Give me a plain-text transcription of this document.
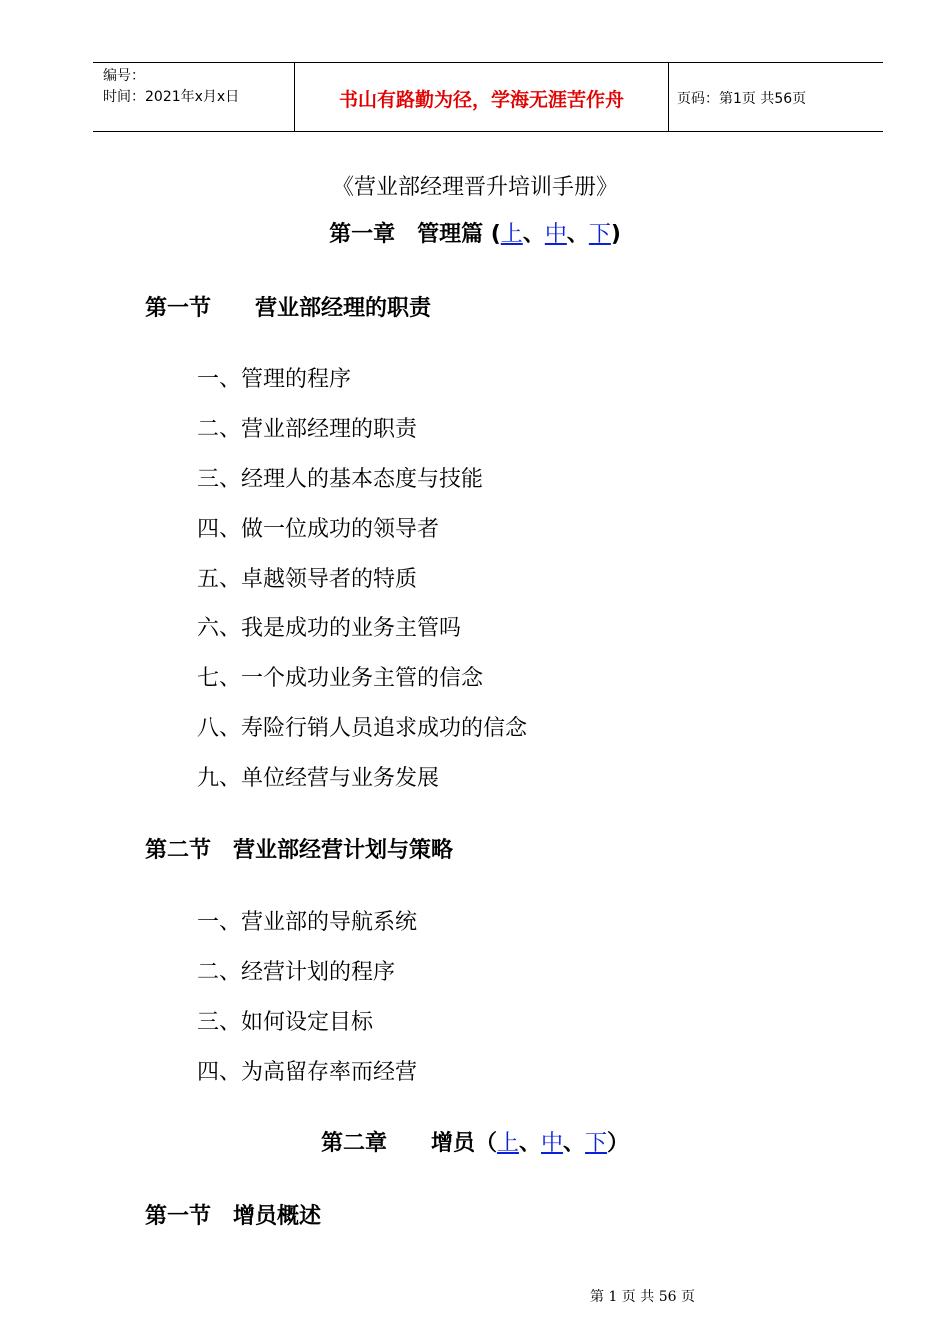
编号：
时间：2021年x月x日	书山有路勤为径，学海无涯苦作舟	页码：第1页 共56页
《营业部经理晋升培训手册》
第一章　管理篇 (上、中、下)
第一节　　营业部经理的职责
一、管理的程序
二、营业部经理的职责
三、经理人的基本态度与技能
四、做一位成功的领导者
五、卓越领导者的特质
六、我是成功的业务主管吗
七、一个成功业务主管的信念
八、寿险行销人员追求成功的信念
九、单位经营与业务发展
第二节　营业部经营计划与策略
一、营业部的导航系统
二、经营计划的程序
三、如何设定目标
四、为高留存率而经营
第二章　　增员（上、中、下）
第一节　增员概述
第 1 页 共 56 页
